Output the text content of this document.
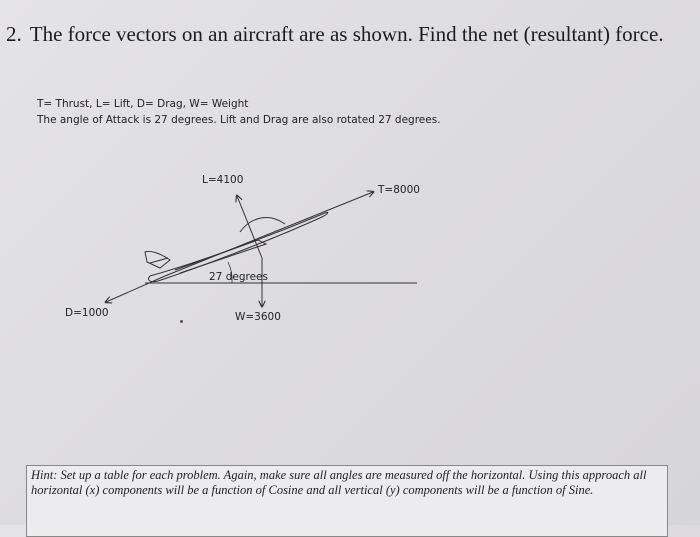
2. The force vectors on an aircraft are as shown. Find the net (resultant) force.
T= Thrust, L= Lift, D= Drag, W= Weight
The angle of Attack is 27 degrees. Lift and Drag are also rotated 27 degrees.
L=4100
T=8000
D=1000	W=3600
27 degrees
Hint: Set up a table for each problem. Again, make sure all angles are measured off the horizontal. Using this approach all horizontal (x) components will be a function of Cosine and all vertical (y) components will be a function of Sine.
